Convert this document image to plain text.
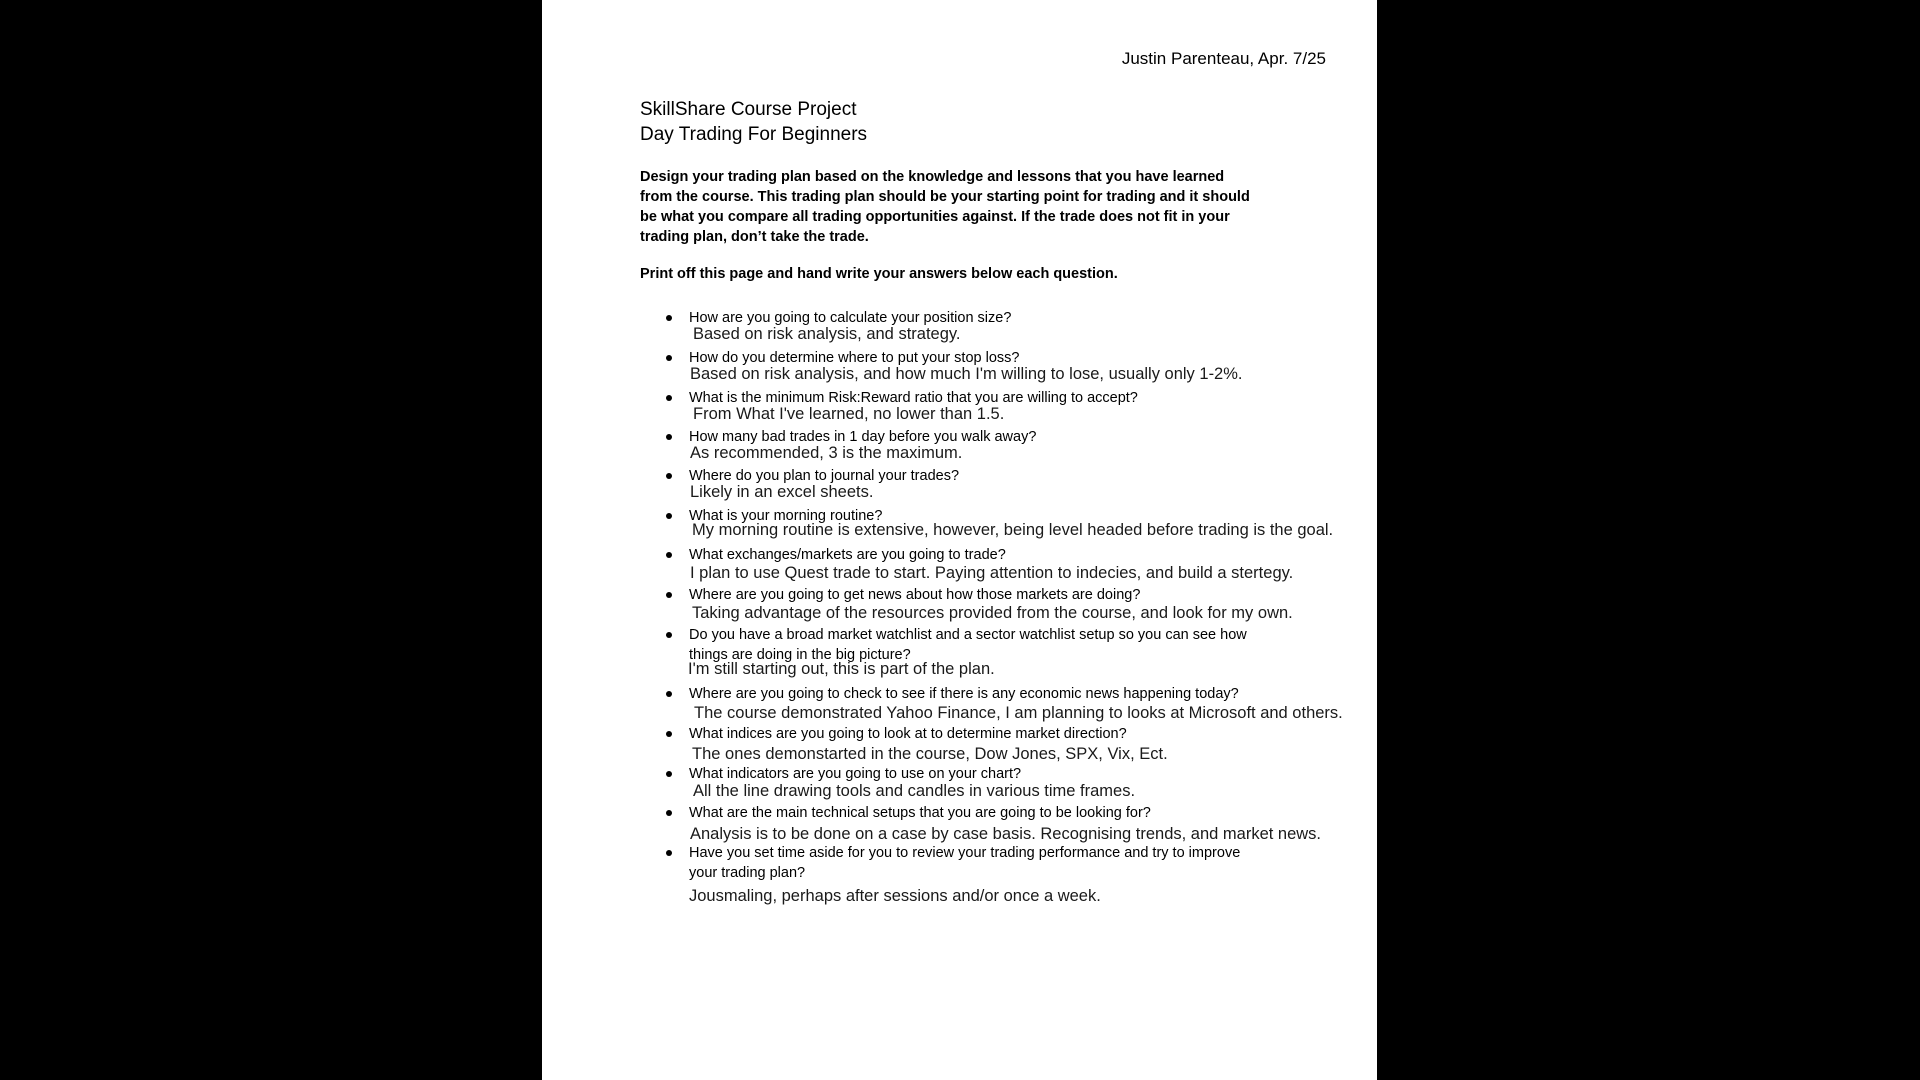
Justin Parenteau, Apr. 7/25
SkillShare Course Project
Day Trading For Beginners
Design your trading plan based on the knowledge and lessons that you have learned
from the course. This trading plan should be your starting point for trading and it should
be what you compare all trading opportunities against. If the trade does not fit in your
trading plan, don’t take the trade.
Print off this page and hand write your answers below each question.
How are you going to calculate your position size?
Based on risk analysis, and strategy.
How do you determine where to put your stop loss?
Based on risk analysis, and how much I'm willing to lose, usually only 1-2%.
What is the minimum Risk:Reward ratio that you are willing to accept?
From What I've learned, no lower than 1.5.
How many bad trades in 1 day before you walk away?
As recommended, 3 is the maximum.
Where do you plan to journal your trades?
Likely in an excel sheets.
What is your morning routine?
My morning routine is extensive, however, being level headed before trading is the goal.
What exchanges/markets are you going to trade?
I plan to use Quest trade to start. Paying attention to indecies, and build a stertegy.
Where are you going to get news about how those markets are doing?
Taking advantage of the resources provided from the course, and look for my own.
Do you have a broad market watchlist and a sector watchlist setup so you can see how
things are doing in the big picture?
I'm still starting out, this is part of the plan.
Where are you going to check to see if there is any economic news happening today?
The course demonstrated Yahoo Finance, I am planning to looks at Microsoft and others.
What indices are you going to look at to determine market direction?
The ones demonstarted in the course, Dow Jones, SPX, Vix, Ect.
What indicators are you going to use on your chart?
All the line drawing tools and candles in various time frames.
What are the main technical setups that you are going to be looking for?
Analysis is to be done on a case by case basis. Recognising trends, and market news.
Have you set time aside for you to review your trading performance and try to improve
your trading plan?
Jousmaling, perhaps after sessions and/or once a week.
